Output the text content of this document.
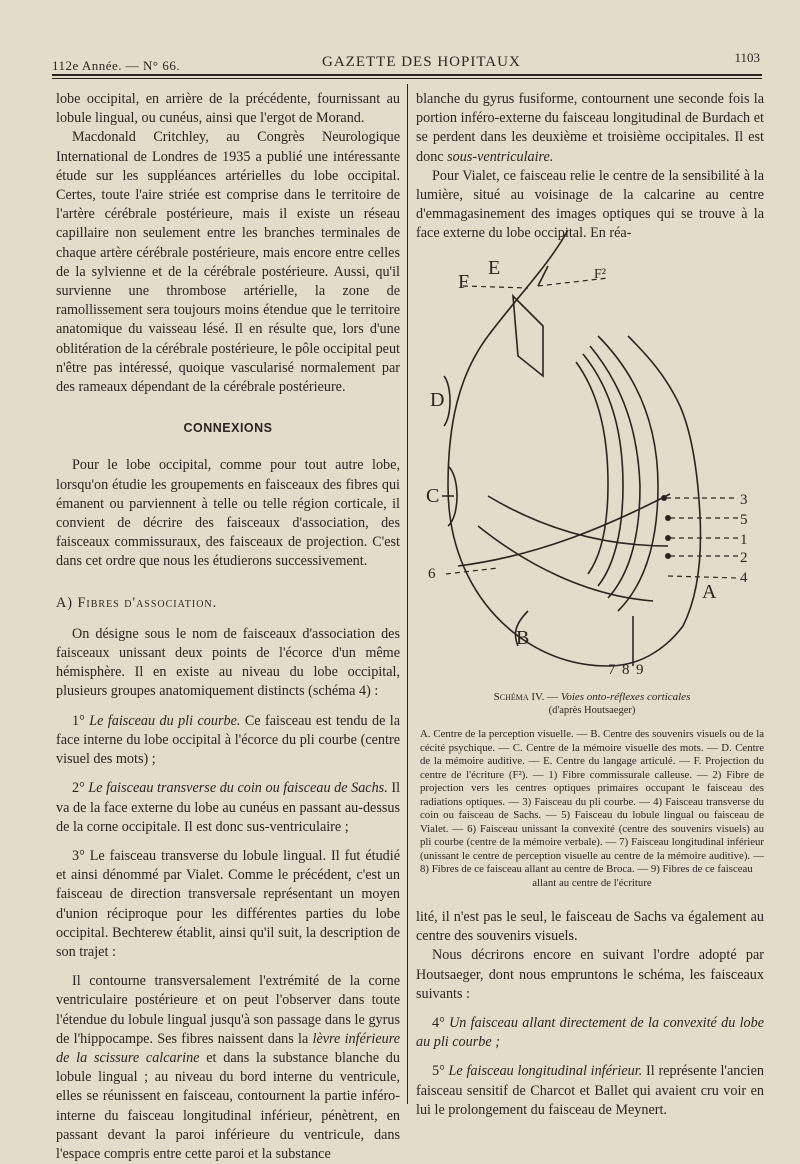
112e Année. — N° 66.	GAZETTE DES HOPITAUX	1103

lobe occipital, en arrière de la précédente, fournissant au lobule lingual, ou cunéus, ainsi que l'ergot de Morand.

Macdonald Critchley, au Congrès Neurologique International de Londres de 1935 a publié une intéressante étude sur les suppléances artérielles du lobe occipital. Certes, toute l'aire striée est comprise dans le territoire de l'artère cérébrale postérieure, mais il existe un réseau capillaire non seulement entre les branches terminales de chaque artère cérébrale postérieure, mais encore entre celles de la sylvienne et de la cérébrale postérieure. Aussi, qu'il survienne une thrombose artérielle, la zone de ramollissement sera toujours moins étendue que le territoire anatomique du vaisseau lésé. Il en résulte que, lors d'une oblitération de la cérébrale postérieure, le pôle occipital peut n'être pas intéressé, quoique vascularisé normalement par des rameaux dépendant de la cérébrale postérieure.

CONNEXIONS

Pour le lobe occipital, comme pour tout autre lobe, lorsqu'on étudie les groupements en faisceaux des fibres qui émanent ou parviennent à telle ou telle région corticale, il convient de décrire des faisceaux d'association, des faisceaux commissuraux, des faisceaux de projection. C'est dans cet ordre que nous les étudierons successivement.

A) Fibres d'association.

On désigne sous le nom de faisceaux d'association des faisceaux unissant deux points de l'écorce d'un même hémisphère. Il en existe au niveau du lobe occipital, plusieurs groupes anatomiquement distincts (schéma 4) :

1° Le faisceau du pli courbe. Ce faisceau est tendu de la face interne du lobe occipital à l'écorce du pli courbe (centre visuel des mots) ;

2° Le faisceau transverse du coin ou faisceau de Sachs. Il va de la face externe du lobe au cunéus en passant au-dessus de la corne occipitale. Il est donc sus-ventriculaire ;

3° Le faisceau transverse du lobule lingual. Il fut étudié et ainsi dénommé par Vialet. Comme le précédent, c'est un faisceau de direction transversale représentant un moyen d'union réciproque pour les différentes parties du lobe occipital. Bechterew établit, ainsi qu'il suit, la description de son trajet :

Il contourne transversalement l'extrémité de la corne ventriculaire postérieure et on peut l'observer dans toute l'étendue du lobule lingual jusqu'à son passage dans le gyrus de l'hippocampe. Ses fibres naissent dans la lèvre inférieure de la scissure calcarine et dans la substance blanche du lobule lingual ; au niveau du bord interne du ventricule, elles se réunissent en faisceau, contournent la partie inféro-interne du faisceau longitudinal inférieur, pénètrent, en passant devant la paroi inférieure du ventricule, dans l'espace compris entre cette paroi et la substance

blanche du gyrus fusiforme, contournent une seconde fois la portion inféro-externe du faisceau longitudinal de Burdach et se perdent dans les deuxième et troisième occipitales. Il est donc sous-ventriculaire.

Pour Vialet, ce faisceau relie le centre de la sensibilité à la lumière, situé au voisinage de la calcarine au centre d'emmagasinement des images optiques qui se trouve à la face externe du lobe occipital. En réa-

E
F	F²
D
C
B
A
3
5
1
2
4
6
7 8 9

Schéma IV. — Voies onto-réflexes corticales

(d'après Houtsaeger)

A. Centre de la perception visuelle. — B. Centre des souvenirs visuels ou de la cécité psychique. — C. Centre de la mémoire visuelle des mots. — D. Centre de la mémoire auditive. — E. Centre du langage articulé. — F. Projection du centre de l'écriture (F²). — 1) Fibre commissurale calleuse. — 2) Fibre de projection vers les centres optiques primaires occupant le faisceau des radiations optiques. — 3) Faisceau du pli courbe. — 4) Faisceau transverse du coin ou faisceau de Sachs. — 5) Faisceau du lobule lingual ou faisceau de Vialet. — 6) Faisceau unissant la convexité (centre des souvenirs visuels) au pli courbe (centre de la mémoire verbale). — 7) Faisceau longitudinal inférieur (unissant le centre de perception visuelle au centre de la mémoire auditive). — 8) Fibres de ce faisceau allant au centre de Broca. — 9) Fibres de ce faisceau

allant au centre de l'écriture

lité, il n'est pas le seul, le faisceau de Sachs va également au centre des souvenirs visuels.

Nous décrirons encore en suivant l'ordre adopté par Houtsaeger, dont nous empruntons le schéma, les faisceaux suivants :

4° Un faisceau allant directement de la convexité du lobe au pli courbe ;

5° Le faisceau longitudinal inférieur. Il représente l'ancien faisceau sensitif de Charcot et Ballet qui avaient cru voir en lui le prolongement du faisceau de Meynert.
